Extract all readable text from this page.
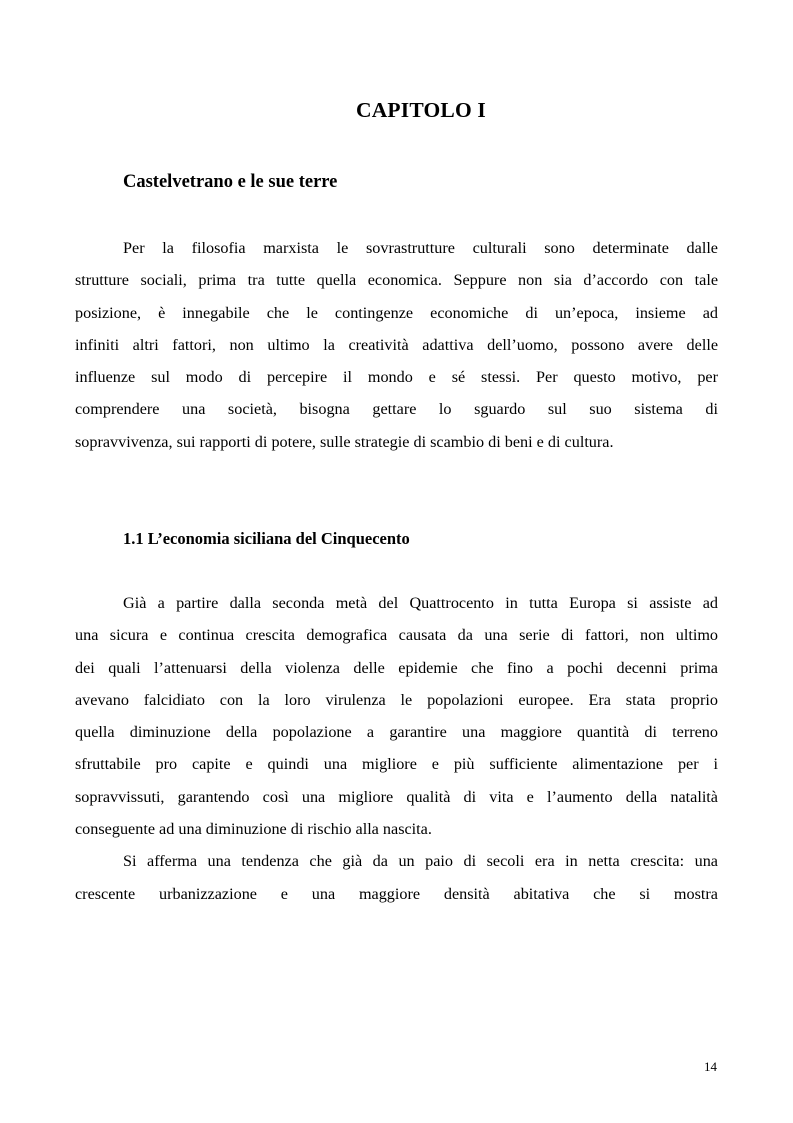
CAPITOLO I
Castelvetrano e le sue terre
Per la filosofia marxista le sovrastrutture culturali sono determinate dalle
strutture sociali, prima tra tutte quella economica. Seppure non sia d’accordo con tale
posizione, è innegabile che le contingenze economiche di un’epoca, insieme ad
infiniti altri fattori, non ultimo la creatività adattiva dell’uomo, possono avere delle
influenze sul modo di percepire il mondo e sé stessi. Per questo motivo, per
comprendere una società, bisogna gettare lo sguardo sul suo sistema di
sopravvivenza, sui rapporti di potere, sulle strategie di scambio di beni e di cultura.
1.1 L’economia siciliana del Cinquecento
Già a partire dalla seconda metà del Quattrocento in tutta Europa si assiste ad
una sicura e continua crescita demografica causata da una serie di fattori, non ultimo
dei quali l’attenuarsi della violenza delle epidemie che fino a pochi decenni prima
avevano falcidiato con la loro virulenza le popolazioni europee. Era stata proprio
quella diminuzione della popolazione a garantire una maggiore quantità di terreno
sfruttabile pro capite e quindi una migliore e più sufficiente alimentazione per i
sopravvissuti, garantendo così una migliore qualità di vita e l’aumento della natalità
conseguente ad una diminuzione di rischio alla nascita.
Si afferma una tendenza che già da un paio di secoli era in netta crescita: una
crescente urbanizzazione e una maggiore densità abitativa che si mostra
14
